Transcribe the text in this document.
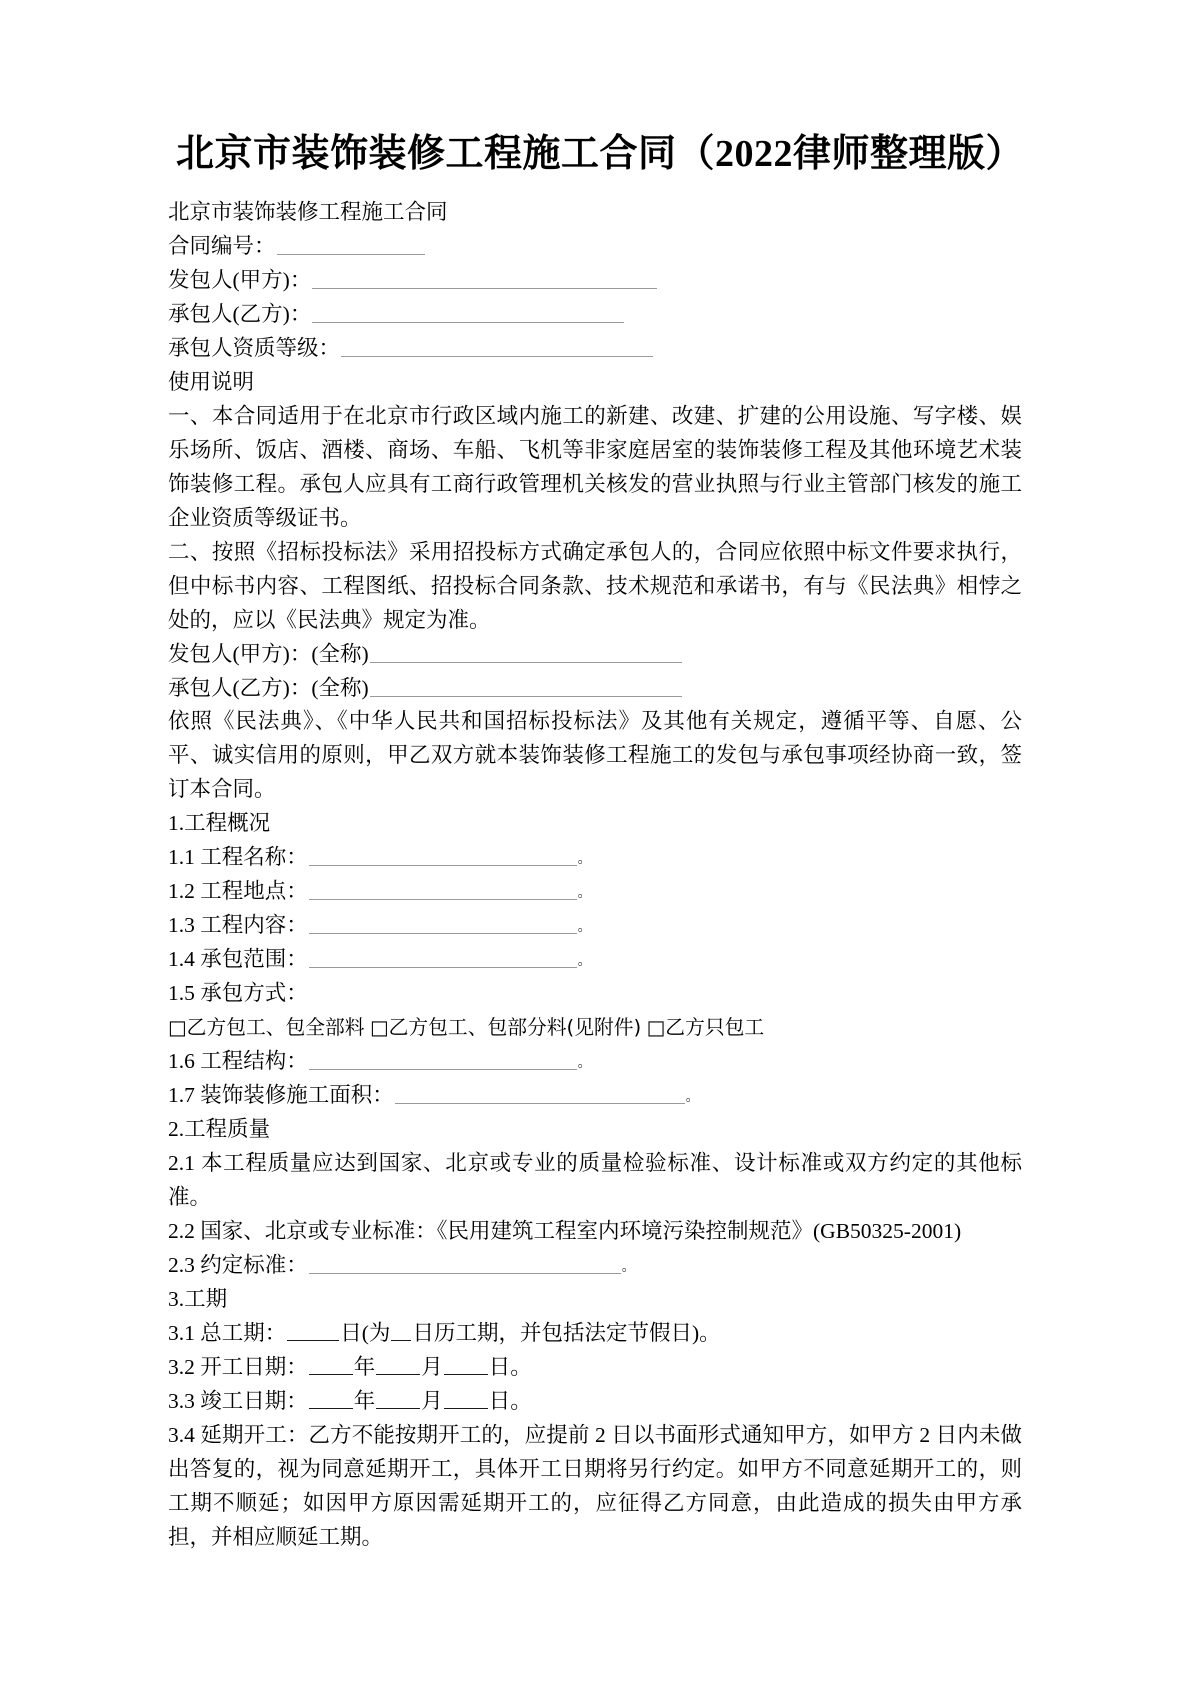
北京市装饰装修工程施工合同（2022律师整理版）

北京市装饰装修工程施工合同

合同编号：

发包人(甲方)：

承包人(乙方)：

承包人资质等级：

使用说明

一、本合同适用于在北京市行政区域内施工的新建、改建、扩建的公用设施、写字楼、娱乐场所、饭店、酒楼、商场、车船、飞机等非家庭居室的装饰装修工程及其他环境艺术装饰装修工程。承包人应具有工商行政管理机关核发的营业执照与行业主管部门核发的施工企业资质等级证书。

二、按照《招标投标法》采用招投标方式确定承包人的，合同应依照中标文件要求执行，但中标书内容、工程图纸、招投标合同条款、技术规范和承诺书，有与《民法典》相悖之处的，应以《民法典》规定为准。

发包人(甲方)：(全称)

承包人(乙方)：(全称)

依照《民法典》、《中华人民共和国招标投标法》及其他有关规定，遵循平等、自愿、公平、诚实信用的原则，甲乙双方就本装饰装修工程施工的发包与承包事项经协商一致，签订本合同。

1.工程概况

1.1 工程名称：	。

1.2 工程地点：	。

1.3 工程内容：	。

1.4 承包范围：	。

1.5 承包方式：

□乙方包工、包全部料 □乙方包工、包部分料(见附件) □乙方只包工

1.6 工程结构：	。

1.7 装饰装修施工面积：	。

2.工程质量

2.1 本工程质量应达到国家、北京或专业的质量检验标准、设计标准或双方约定的其他标准。

2.2 国家、北京或专业标准：《民用建筑工程室内环境污染控制规范》(GB50325-2001)

2.3 约定标准：	。

3.工期

3.1 总工期：	日(为 日历工期，并包括法定节假日)。

3.2 开工日期： 年 月 日。

3.3 竣工日期： 年 月 日。

3.4 延期开工：乙方不能按期开工的，应提前 2 日以书面形式通知甲方，如甲方 2 日内未做出答复的，视为同意延期开工，具体开工日期将另行约定。如甲方不同意延期开工的，则工期不顺延；如因甲方原因需延期开工的，应征得乙方同意，由此造成的损失由甲方承担，并相应顺延工期。
